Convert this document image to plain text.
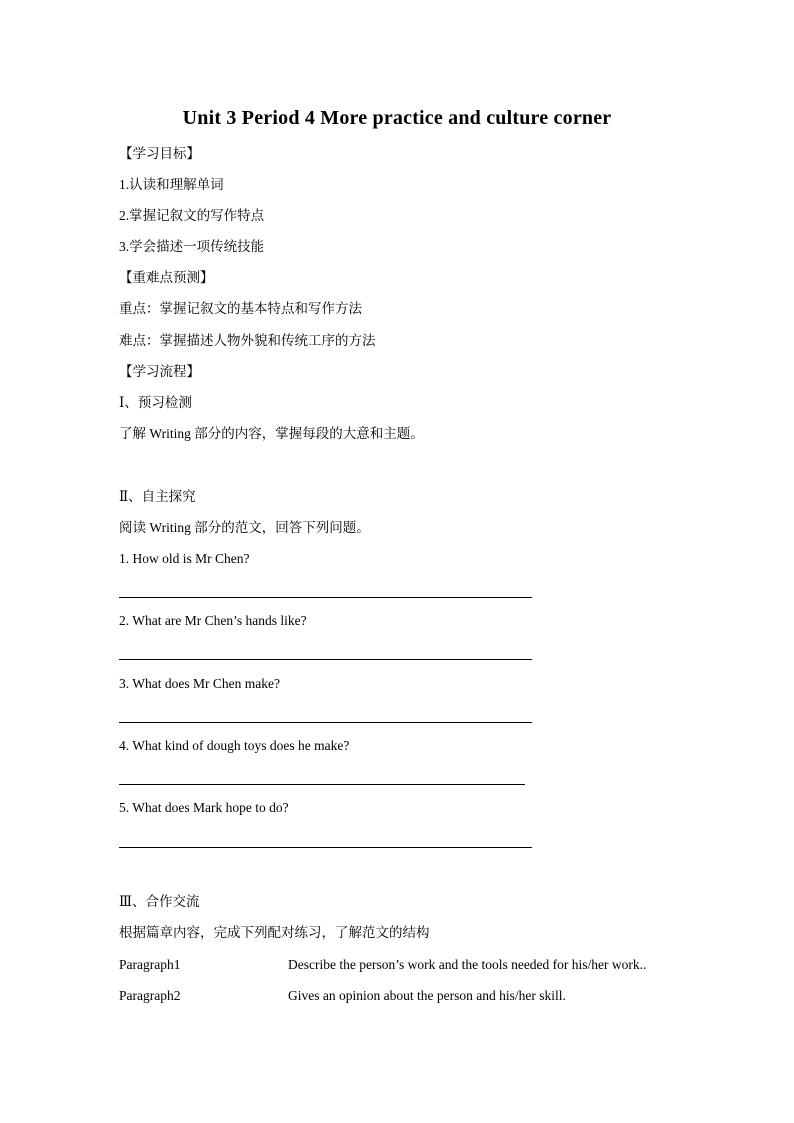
Unit 3 Period 4 More practice and culture corner
【学习目标】
1.认读和理解单词
2.掌握记叙文的写作特点
3.学会描述一项传统技能
【重难点预测】
重点：掌握记叙文的基本特点和写作方法
难点：掌握描述人物外貌和传统工序的方法
【学习流程】
Ⅰ、预习检测
了解 Writing 部分的内容，掌握每段的大意和主题。
Ⅱ、自主探究
阅读 Writing 部分的范文，回答下列问题。
1. How old is Mr Chen?
2. What are Mr Chen’s hands like?
3. What does Mr Chen make?
4. What kind of dough toys does he make?
5. What does Mark hope to do?
Ⅲ、合作交流
根据篇章内容，完成下列配对练习，了解范文的结构
Paragraph1	Describe the person’s work and the tools needed for his/her work..
Paragraph2	Gives an opinion about the person and his/her skill.
